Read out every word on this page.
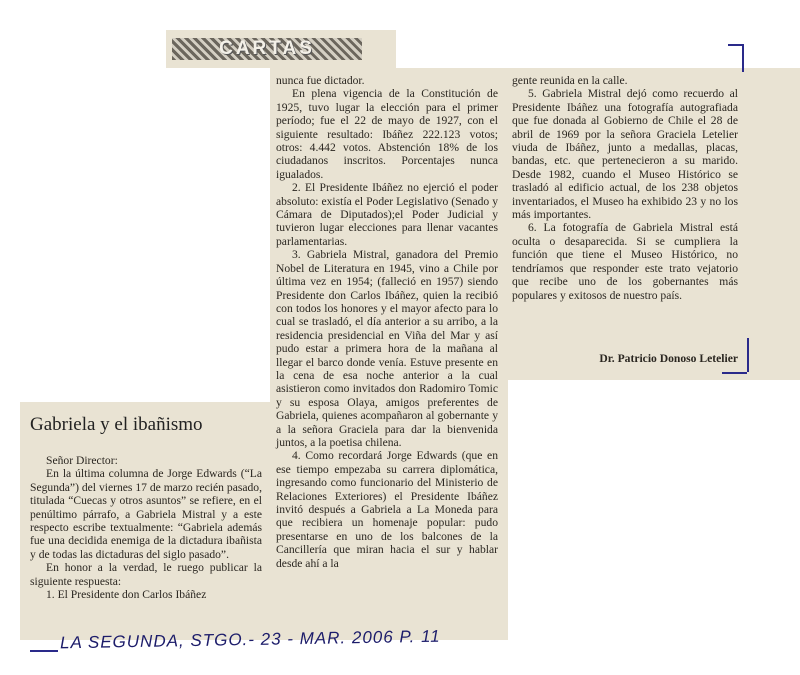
CARTAS
Gabriela y el ibañismo

Señor Director:

En la última columna de Jorge Edwards (“La Segunda”) del viernes 17 de marzo recién pasado, titulada “Cuecas y otros asuntos” se refiere, en el penúltimo párrafo, a Gabriela Mistral y a este respecto escribe textualmente: “Gabriela además fue una decidida enemiga de la dictadura ibañista y de todas las dictaduras del siglo pasado”.

En honor a la verdad, le ruego publicar la siguiente respuesta:

1. El Presidente don Carlos Ibáñez

nunca fue dictador.

En plena vigencia de la Constitución de 1925, tuvo lugar la elección para el primer período; fue el 22 de mayo de 1927, con el siguiente resultado: Ibáñez 222.123 votos; otros: 4.442 votos. Abstención 18% de los ciudadanos inscritos. Porcentajes nunca igualados.

2. El Presidente Ibáñez no ejerció el poder absoluto: existía el Poder Legislativo (Senado y Cámara de Diputados);el Poder Judicial y tuvieron lugar elecciones para llenar vacantes parlamentarias.

3. Gabriela Mistral, ganadora del Premio Nobel de Literatura en 1945, vino a Chile por última vez en 1954; (falleció en 1957) siendo Presidente don Carlos Ibáñez, quien la recibió con todos los honores y el mayor afecto para lo cual se trasladó, el día anterior a su arribo, a la residencia presidencial en Viña del Mar y así pudo estar a primera hora de la mañana al llegar el barco donde venía. Estuve presente en la cena de esa noche anterior a la cual asistieron como invitados don Radomiro Tomic y su esposa Olaya, amigos preferentes de Gabriela, quienes acompañaron al gobernante y a la señora Graciela para dar la bienvenida juntos, a la poetisa chilena.

4. Como recordará Jorge Edwards (que en ese tiempo empezaba su carrera diplomática, ingresando como funcionario del Ministerio de Relaciones Exteriores) el Presidente Ibáñez invitó después a Gabriela a La Moneda para que recibiera un homenaje popular: pudo presentarse en uno de los balcones de la Cancillería que miran hacia el sur y hablar desde ahí a la

gente reunida en la calle.

5. Gabriela Mistral dejó como recuerdo al Presidente Ibáñez una fotografía autografiada que fue donada al Gobierno de Chile el 28 de abril de 1969 por la señora Graciela Letelier viuda de Ibáñez, junto a medallas, placas, bandas, etc. que pertenecieron a su marido. Desde 1982, cuando el Museo Histórico se trasladó al edificio actual, de los 238 objetos inventariados, el Museo ha exhibido 23 y no los más importantes.

6. La fotografía de Gabriela Mistral está oculta o desaparecida. Si se cumpliera la función que tiene el Museo Histórico, no tendríamos que responder este trato vejatorio que recibe uno de los gobernantes más populares y exitosos de nuestro país.

Dr. Patricio Donoso Letelier
LA SEGUNDA, STGO.- 23 - MAR. 2006 P. 11
